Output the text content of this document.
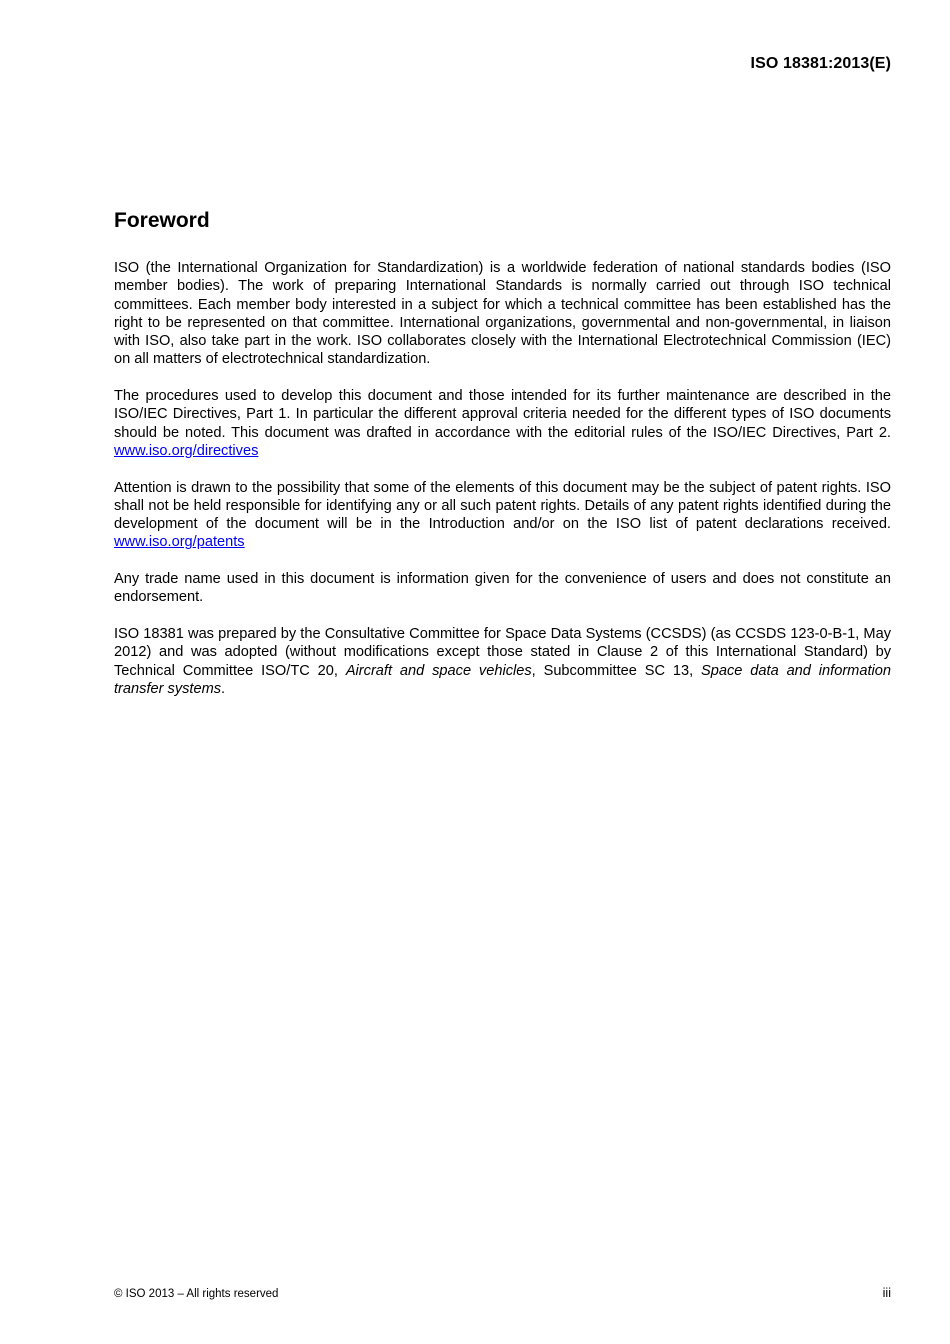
ISO 18381:2013(E)
Foreword

ISO (the International Organization for Standardization) is a worldwide federation of national standards bodies (ISO member bodies). The work of preparing International Standards is normally carried out through ISO technical committees. Each member body interested in a subject for which a technical committee has been established has the right to be represented on that committee. International organizations, governmental and non-governmental, in liaison with ISO, also take part in the work. ISO collaborates closely with the International Electrotechnical Commission (IEC) on all matters of electrotechnical standardization.

The procedures used to develop this document and those intended for its further maintenance are described in the ISO/IEC Directives, Part 1. In particular the different approval criteria needed for the different types of ISO documents should be noted. This document was drafted in accordance with the editorial rules of the ISO/IEC Directives, Part 2. www.iso.org/directives

Attention is drawn to the possibility that some of the elements of this document may be the subject of patent rights. ISO shall not be held responsible for identifying any or all such patent rights. Details of any patent rights identified during the development of the document will be in the Introduction and/or on the ISO list of patent declarations received. www.iso.org/patents

Any trade name used in this document is information given for the convenience of users and does not constitute an endorsement.

ISO 18381 was prepared by the Consultative Committee for Space Data Systems (CCSDS) (as CCSDS 123-0-B-1, May 2012) and was adopted (without modifications except those stated in Clause 2 of this International Standard) by Technical Committee ISO/TC 20, Aircraft and space vehicles, Subcommittee SC 13, Space data and information transfer systems.

© ISO 2013 – All rights reserved	iii
